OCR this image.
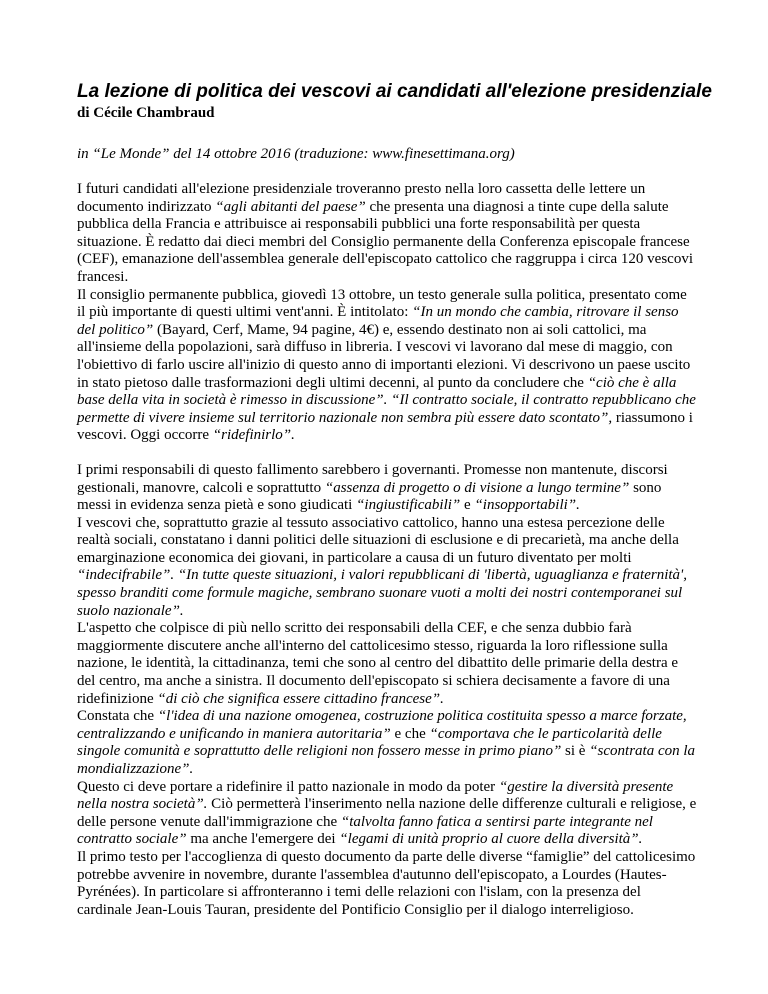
La lezione di politica dei vescovi ai candidati all'elezione presidenziale

di Cécile Chambraud

in “Le Monde” del 14 ottobre 2016 (traduzione: www.finesettimana.org)

I futuri candidati all'elezione presidenziale troveranno presto nella loro cassetta delle lettere un documento indirizzato “agli abitanti del paese” che presenta una diagnosi a tinte cupe della salute pubblica della Francia e attribuisce ai responsabili pubblici una forte responsabilità per questa situazione. È redatto dai dieci membri del Consiglio permanente della Conferenza episcopale francese (CEF), emanazione dell'assemblea generale dell'episcopato cattolico che raggruppa i circa 120 vescovi francesi.

Il consiglio permanente pubblica, giovedì 13 ottobre, un testo generale sulla politica, presentato come il più importante di questi ultimi vent'anni. È intitolato: “In un mondo che cambia, ritrovare il senso del politico” (Bayard, Cerf, Mame, 94 pagine, 4€) e, essendo destinato non ai soli cattolici, ma all'insieme della popolazioni, sarà diffuso in libreria. I vescovi vi lavorano dal mese di maggio, con l'obiettivo di farlo uscire all'inizio di questo anno di importanti elezioni. Vi descrivono un paese uscito in stato pietoso dalle trasformazioni degli ultimi decenni, al punto da concludere che “ciò che è alla base della vita in società è rimesso in discussione”. “Il contratto sociale, il contratto repubblicano che permette di vivere insieme sul territorio nazionale non sembra più essere dato scontato”, riassumono i vescovi. Oggi occorre “ridefinirlo”.

I primi responsabili di questo fallimento sarebbero i governanti. Promesse non mantenute, discorsi gestionali, manovre, calcoli e soprattutto “assenza di progetto o di visione a lungo termine” sono messi in evidenza senza pietà e sono giudicati “ingiustificabili” e “insopportabili”.

I vescovi che, soprattutto grazie al tessuto associativo cattolico, hanno una estesa percezione delle realtà sociali, constatano i danni politici delle situazioni di esclusione e di precarietà, ma anche della emarginazione economica dei giovani, in particolare a causa di un futuro diventato per molti “indecifrabile”. “In tutte queste situazioni, i valori repubblicani di 'libertà, uguaglianza e fraternità', spesso branditi come formule magiche, sembrano suonare vuoti a molti dei nostri contemporanei sul suolo nazionale”.

L'aspetto che colpisce di più nello scritto dei responsabili della CEF, e che senza dubbio farà maggiormente discutere anche all'interno del cattolicesimo stesso, riguarda la loro riflessione sulla nazione, le identità, la cittadinanza, temi che sono al centro del dibattito delle primarie della destra e del centro, ma anche a sinistra. Il documento dell'episcopato si schiera decisamente a favore di una ridefinizione “di ciò che significa essere cittadino francese”.

Constata che “l'idea di una nazione omogenea, costruzione politica costituita spesso a marce forzate, centralizzando e unificando in maniera autoritaria” e che “comportava che le particolarità delle singole comunità e soprattutto delle religioni non fossero messe in primo piano” si è “scontrata con la mondializzazione”.

Questo ci deve portare a ridefinire il patto nazionale in modo da poter “gestire la diversità presente nella nostra società”. Ciò permetterà l'inserimento nella nazione delle differenze culturali e religiose, e delle persone venute dall'immigrazione che “talvolta fanno fatica a sentirsi parte integrante nel contratto sociale” ma anche l'emergere dei “legami di unità proprio al cuore della diversità”.

Il primo testo per l'accoglienza di questo documento da parte delle diverse “famiglie” del cattolicesimo potrebbe avvenire in novembre, durante l'assemblea d'autunno dell'episcopato, a Lourdes (Hautes-Pyrénées). In particolare si affronteranno i temi delle relazioni con l'islam, con la presenza del cardinale Jean-Louis Tauran, presidente del Pontificio Consiglio per il dialogo interreligioso.
